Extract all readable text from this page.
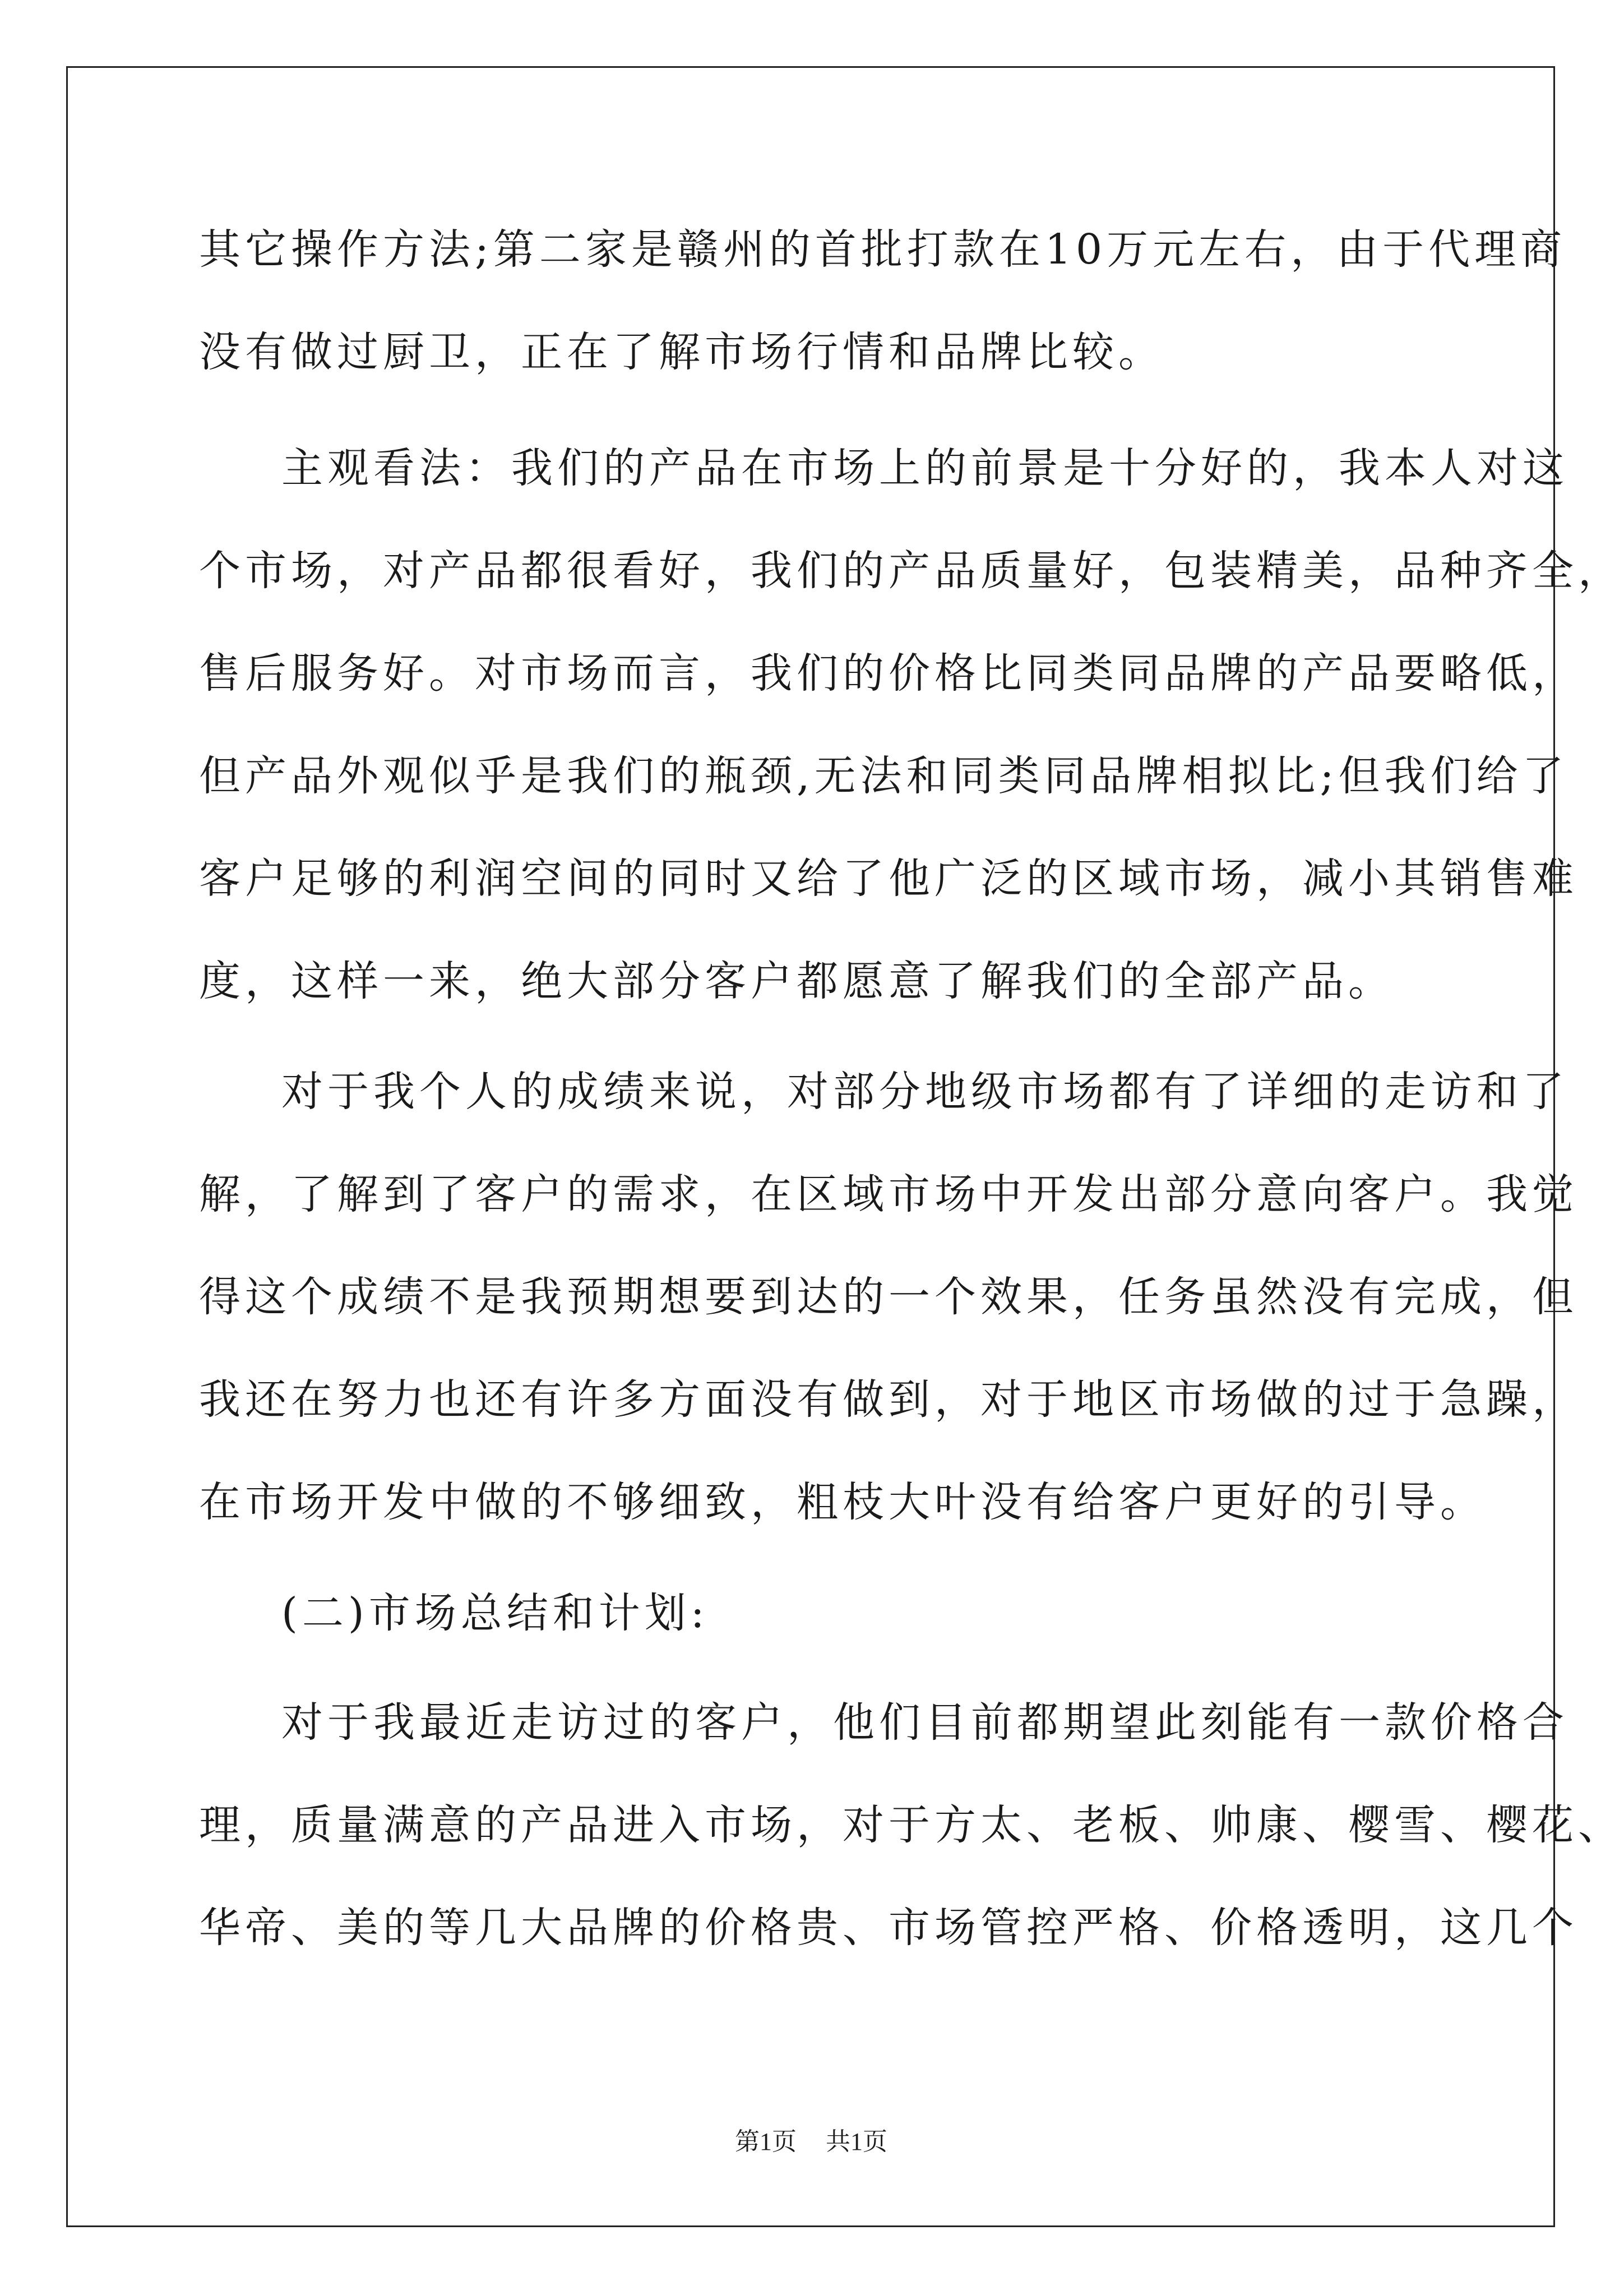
其它操作方法;第二家是赣州的首批打款在10万元左右，由于代理商
没有做过厨卫，正在了解市场行情和品牌比较。
主观看法：我们的产品在市场上的前景是十分好的，我本人对这
个市场，对产品都很看好，我们的产品质量好，包装精美，品种齐全，
售后服务好。对市场而言，我们的价格比同类同品牌的产品要略低，
但产品外观似乎是我们的瓶颈,无法和同类同品牌相拟比;但我们给了
客户足够的利润空间的同时又给了他广泛的区域市场，减小其销售难
度，这样一来，绝大部分客户都愿意了解我们的全部产品。
对于我个人的成绩来说，对部分地级市场都有了详细的走访和了
解，了解到了客户的需求，在区域市场中开发出部分意向客户。我觉
得这个成绩不是我预期想要到达的一个效果，任务虽然没有完成，但
我还在努力也还有许多方面没有做到，对于地区市场做的过于急躁，
在市场开发中做的不够细致，粗枝大叶没有给客户更好的引导。
(二)市场总结和计划:
对于我最近走访过的客户，他们目前都期望此刻能有一款价格合
理，质量满意的产品进入市场，对于方太、老板、帅康、樱雪、樱花、
华帝、美的等几大品牌的价格贵、市场管控严格、价格透明，这几个
第1页 共1页
